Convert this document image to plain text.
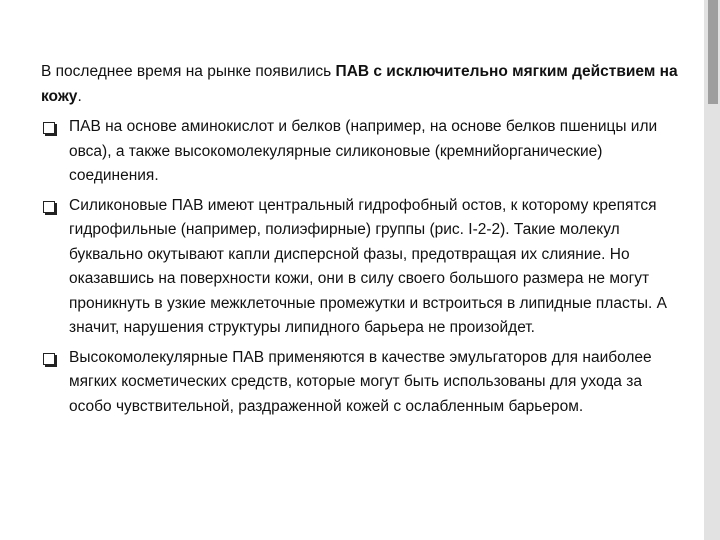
В последнее время на рынке появились ПАВ с исключительно мягким действием на кожу.

ПАВ на основе аминокислот и белков (например, на основе белков пшеницы или овса), а также высокомолекулярные силиконовые (кремнийорганические) соединения.
Силиконовые ПАВ имеют центральный гидрофобный остов, к которому крепятся гидрофильные (например, полиэфирные) группы (рис. I-2-2). Такие молекул буквально окутывают капли дисперсной фазы, предотвращая их слияние. Но оказавшись на поверхности кожи, они в силу своего большого размера не могут проникнуть в узкие межклеточные промежутки и встроиться в липидные пласты. А значит, нарушения структуры липидного барьера не произойдет.
Высокомолекулярные ПАВ применяются в качестве эмульгаторов для наиболее мягких косметических средств, которые могут быть использованы для ухода за особо чувствительной, раздраженной кожей с ослабленным барьером.
